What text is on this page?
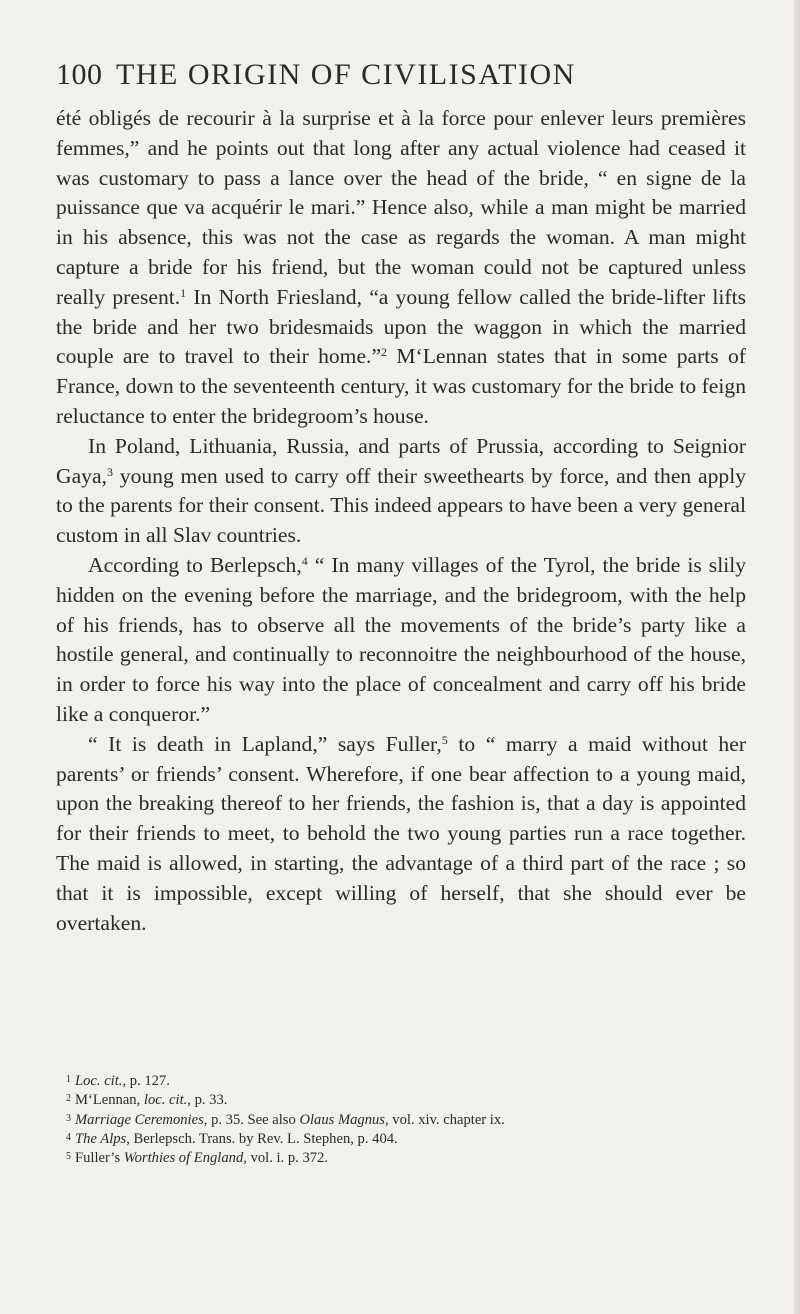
100 THE ORIGIN OF CIVILISATION

été obligés de recourir à la surprise et à la force pour enlever leurs premières femmes,” and he points out that long after any actual violence had ceased it was customary to pass a lance over the head of the bride, “ en signe de la puissance que va acquérir le mari.” Hence also, while a man might be married in his absence, this was not the case as regards the woman. A man might capture a bride for his friend, but the woman could not be captured unless really present.$^1$ In North Friesland, “a young fellow called the bride-lifter lifts the bride and her two bridesmaids upon the waggon in which the married couple are to travel to their home.”$^2$ M‘Lennan states that in some parts of France, down to the seventeenth century, it was customary for the bride to feign reluctance to enter the bridegroom’s house.

In Poland, Lithuania, Russia, and parts of Prussia, according to Seignior Gaya,$^3$ young men used to carry off their sweethearts by force, and then apply to the parents for their consent. This indeed appears to have been a very general custom in all Slav countries.

According to Berlepsch,$^4$ “ In many villages of the Tyrol, the bride is slily hidden on the evening before the marriage, and the bridegroom, with the help of his friends, has to observe all the movements of the bride’s party like a hostile general, and continually to reconnoitre the neighbourhood of the house, in order to force his way into the place of concealment and carry off his bride like a conqueror.”

“ It is death in Lapland,” says Fuller,$^5$ to “ marry a maid without her parents’ or friends’ consent. Wherefore, if one bear affection to a young maid, upon the breaking thereof to her friends, the fashion is, that a day is appointed for their friends to meet, to behold the two young parties run a race together. The maid is allowed, in starting, the advantage of a third part of the race ; so that it is impossible, except willing of herself, that she should ever be overtaken.

$^1$ Loc. cit., p. 127.

$^2$ M‘Lennan, loc. cit., p. 33.

$^3$ Marriage Ceremonies, p. 35. See also Olaus Magnus, vol. xiv. chapter ix.

$^4$ The Alps, Berlepsch. Trans. by Rev. L. Stephen, p. 404.

$^5$ Fuller’s Worthies of England, vol. i. p. 372.
